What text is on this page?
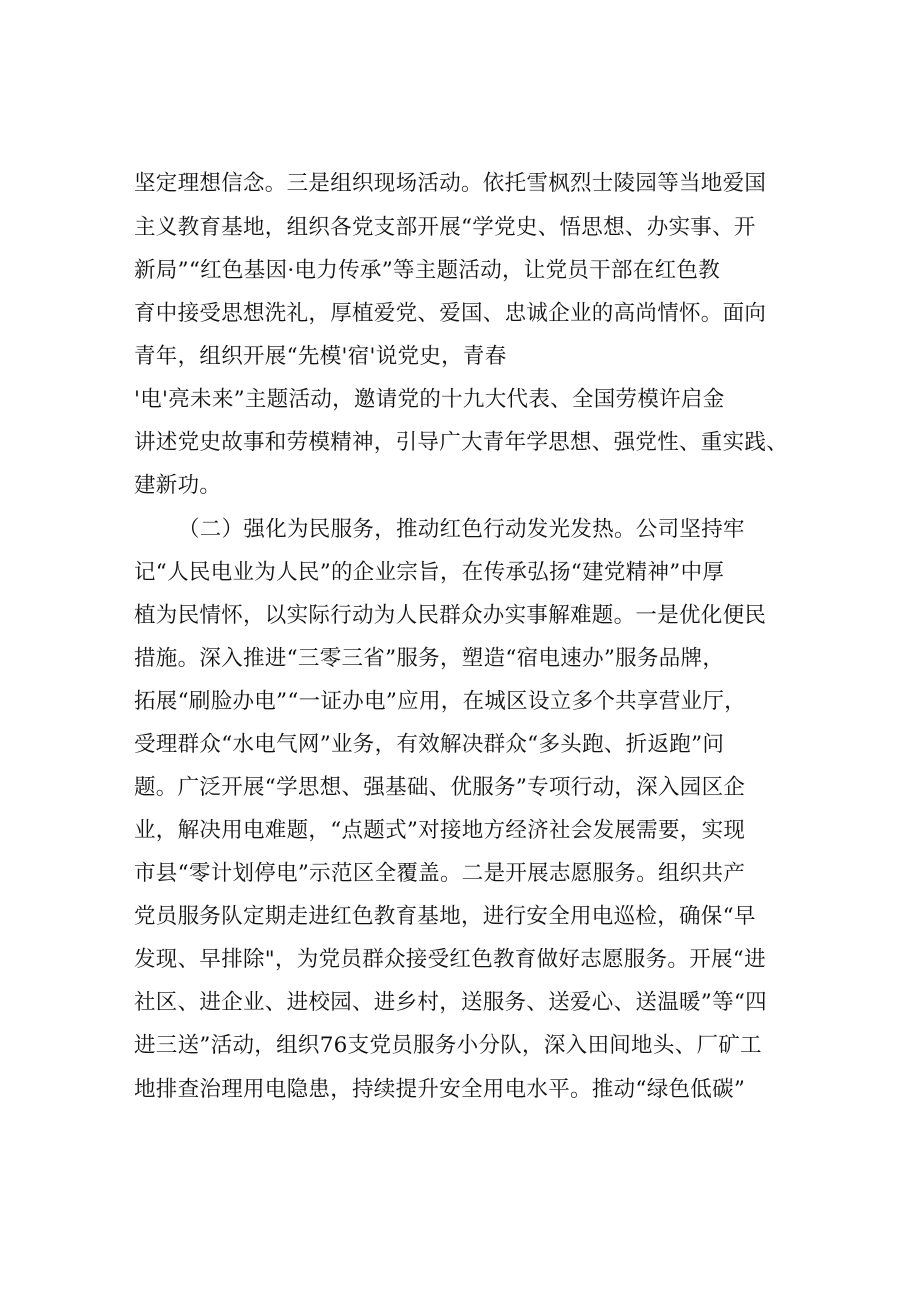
坚定理想信念。三是组织现场活动。依托雪枫烈士陵园等当地爱国
主义教育基地，组织各党支部开展“学党史、悟思想、办实事、开
新局”“红色基因·电力传承”等主题活动，让党员干部在红色教
育中接受思想洗礼，厚植爱党、爱国、忠诚企业的高尚情怀。面向
青年，组织开展“先模'宿'说党史，青春
'电'亮未来”主题活动，邀请党的十九大代表、全国劳模许启金
讲述党史故事和劳模精神，引导广大青年学思想、强党性、重实践、
建新功。
（二）强化为民服务，推动红色行动发光发热。公司坚持牢
记“人民电业为人民”的企业宗旨，在传承弘扬“建党精神”中厚
植为民情怀，以实际行动为人民群众办实事解难题。一是优化便民
措施。深入推进“三零三省”服务，塑造“宿电速办”服务品牌，
拓展“刷脸办电”“一证办电”应用，在城区设立多个共享营业厅，
受理群众“水电气网”业务，有效解决群众“多头跑、折返跑”问
题。广泛开展“学思想、强基础、优服务”专项行动，深入园区企
业，解决用电难题，“点题式”对接地方经济社会发展需要，实现
市县“零计划停电”示范区全覆盖。二是开展志愿服务。组织共产
党员服务队定期走进红色教育基地，进行安全用电巡检，确保“早
发现、早排除"，为党员群众接受红色教育做好志愿服务。开展“进
社区、进企业、进校园、进乡村，送服务、送爱心、送温暖”等“四
进三送”活动，组织76支党员服务小分队，深入田间地头、厂矿工
地排查治理用电隐患，持续提升安全用电水平。推动“绿色低碳”
